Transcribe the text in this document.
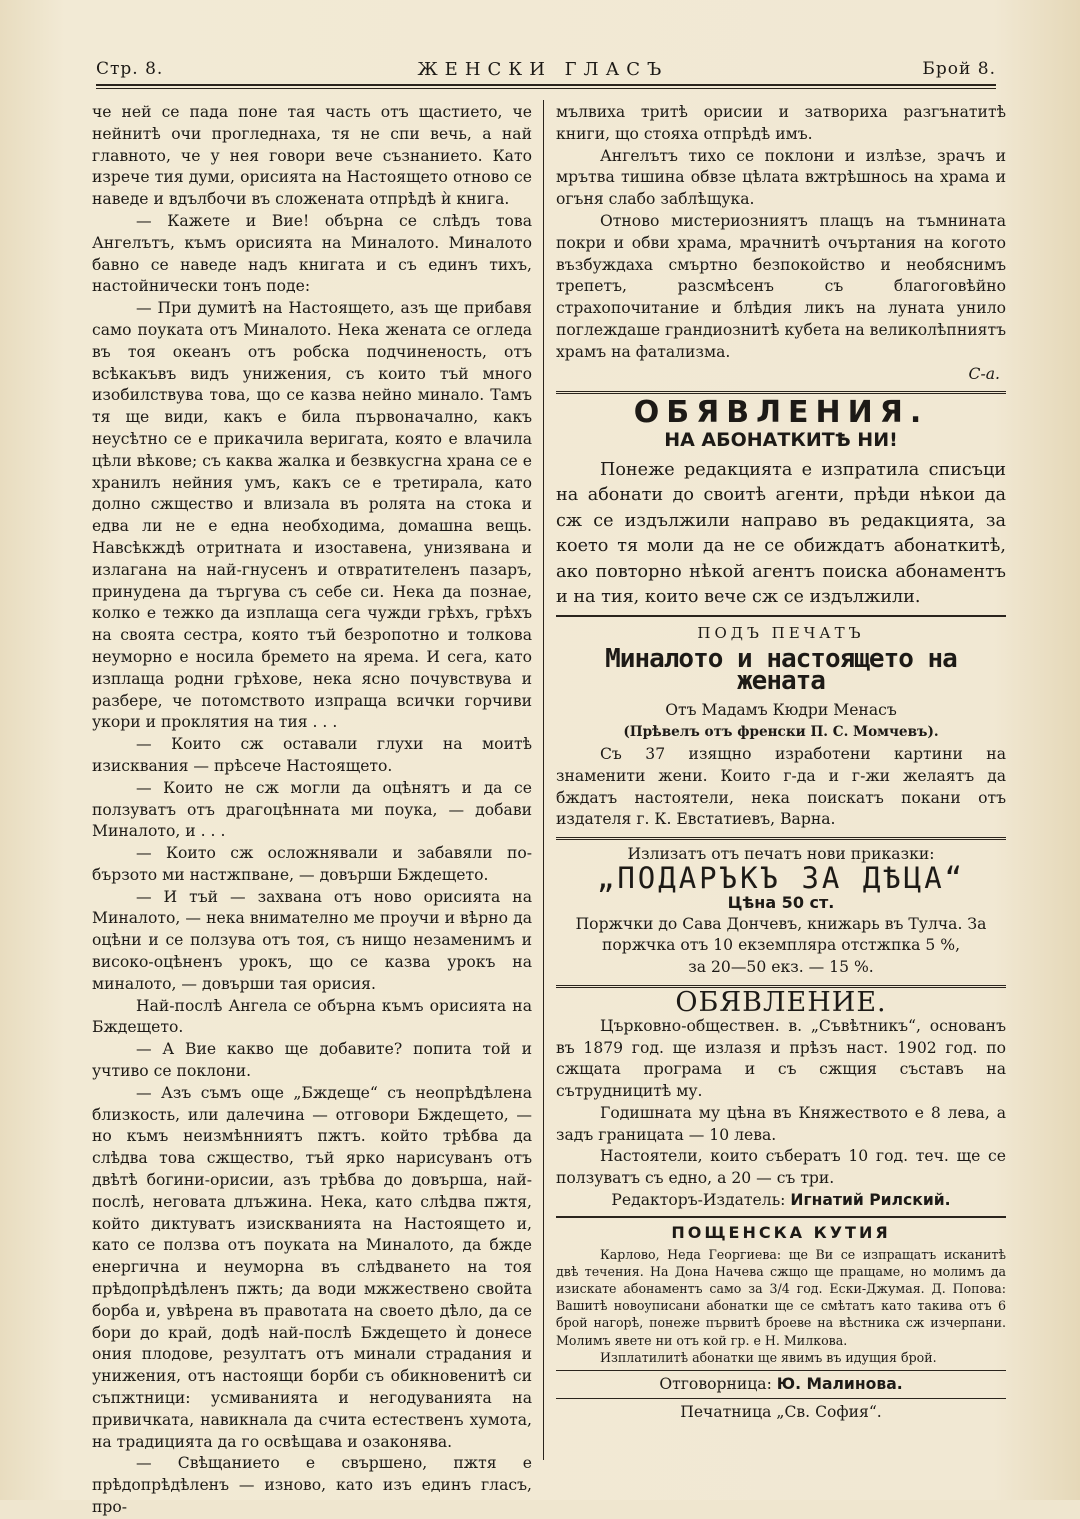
Стр. 8.	ЖЕНСКИ ГЛАСЪ	Брой 8.

че ней се пада поне тая часть отъ щастието, че нейнитѣ очи прогледнаха, тя не спи вечь, а най главното, че у нея говори вече съзнанието. Като изрече тия думи, орисията на Настоящето отново се наведе и вдълбочи въ сложената отпрѣдѣ ѝ книга.

— Кажете и Вие! обърна се слѣдъ това Ангелътъ, къмъ орисията на Миналото. Миналото бавно се наведе надъ книгата и съ единъ тихъ, настойнически тонъ поде:

— При думитѣ на Настоящето, азъ ще прибавя само поуката отъ Миналото. Нека жената се огледа въ тоя океанъ отъ робска подчиненость, отъ всѣкакъвъ видъ унижения, съ които тъй много изобилствува това, що се казва нейно минало. Тамъ тя ще види, какъ е била първоначално, какъ неусѣтно се е прикачила веригата, която е влачила цѣли вѣкове; съ каква жалка и безвкусгна храна се е хранилъ нейния умъ, какъ се е третирала, като долно сжщество и влизала въ ролята на стока и едва ли не е една необходима, домашна вещь. Навсѣкждѣ отритната и изоставена, унизявана и излагана на най-гнусенъ и отвратителенъ пазаръ, принудена да търгува съ себе си. Нека да познае, колко е тежко да изплаща сега чужди грѣхъ, грѣхъ на своята сестра, която тъй безропотно и толкова неуморно е носила бремето на ярема. И сега, като изплаща родни грѣхове, нека ясно почувствува и разбере, че потомството изпраща всички горчиви укори и проклятия на тия . . .

— Които сж оставали глухи на моитѣ изисквания — прѣсече Настоящето.

— Които не сж могли да оцѣнятъ и да се ползуватъ отъ драгоцѣнната ми поука, — добави Миналото, и . . .

— Които сж осложнявали и забавяли по-бързото ми настжпване, — довърши Бждещето.

— И тъй — захвана отъ ново орисията на Миналото, — нека внимателно ме проучи и вѣрно да оцѣни и се ползува отъ тоя, съ нищо незаменимъ и високо-оцѣненъ урокъ, що се казва урокъ на миналото, — довърши тая орисия.

Най-послѣ Ангела се обърна къмъ орисията на Бждещето.

— А Вие какво ще добавите? попита той и учтиво се поклони.

— Азъ съмъ още „Бждеще“ съ неопрѣдѣлена близкость, или далечина — отговори Бждещето, — но къмъ неизмѣнниятъ пжтъ. който трѣбва да слѣдва това сжщество, тъй ярко нарисуванъ отъ двѣтѣ богини-орисии, азъ трѣбва до довърша, най-послѣ, неговата длъжина. Нека, като слѣдва пжтя, който диктуватъ изискванията на Настоящето и, като се ползва отъ поуката на Миналото, да бжде енергична и неуморна въ слѣдването на тоя прѣдопрѣдѣленъ пжть; да води мжжествено свойта борба и, увѣрена въ правотата на своето дѣло, да се бори до край, додѣ най-послѣ Бждещето ѝ донесе ония плодове, резултатъ отъ минали страдания и унижения, отъ настоящи борби съ обикновенитѣ си съпжтници: усмиванията и негодуванията на привичката, навикнала да счита естественъ хумота, на традицията да го освѣщава и озаконява.

— Свѣщанието е свършено, пжтя е прѣдопрѣдѣленъ — изново, като изъ единъ гласъ, про-

мълвиха тритѣ орисии и затвориха разгънатитѣ книги, що стояха отпрѣдѣ имъ.

Ангелътъ тихо се поклони и излѣзе, зрачъ и мрътва тишина обвзе цѣлата вжтрѣшнось на храма и огъня слабо заблѣщука.

Отново мистериозниятъ плащъ на тъмнината покри и обви храма, мрачнитѣ очъртания на когото възбуждаха смъртно безпокойство и необяснимъ трепетъ, разсмѣсенъ съ благоговѣйно страхопочитание и блѣдия ликъ на луната унило поглеждаше грандиознитѣ кубета на великолѣпниятъ храмъ на фатализма.

С-а.

ОБЯВЛЕНИЯ.
НА АБОНАТКИТѢ НИ!

Понеже редакцията е изпратила списъци на абонати до своитѣ агенти, прѣди нѣкои да сж се издължили направо въ редакцията, за което тя моли да не се обиждатъ абонаткитѣ, ако повторно нѣкой агентъ поиска абонаментъ и на тия, които вече сж се издължили.

ПОДЪ ПЕЧАТЪ
Миналото и настоящето на жената
Отъ Мадамъ Кюдри Менасъ
(Прѣвелъ отъ френски П. С. Момчевъ).

Съ 37 изящно изработени картини на знаменити жени. Които г-да и г-жи желаятъ да бждатъ настоятели, нека поискатъ покани отъ издателя г. К. Евстатиевъ, Варна.

Излизатъ отъ печатъ нови приказки:
„ПОДАРЪКЪ ЗА ДѢЦА“
Цѣна 50 ст.

Поржчки до Сава Дончевъ, книжарь въ Тулча. За поржчка отъ 10 екземпляра отстжпка 5 %,

за 20—50 екз. — 15 %.

ОБЯВЛЕНИЕ.

Църковно-обществен. в. „Съвѣтникъ“, основанъ въ 1879 год. ще излазя и прѣзъ наст. 1902 год. по сжщата програма и съ сжщия съставъ на сътрудницитѣ му.

Годишната му цѣна въ Княжеството е 8 лева, а задъ границата — 10 лева.

Настоятели, които събератъ 10 год. теч. ще се ползуватъ съ едно, а 20 — съ три.

Редакторъ-Издатель: Игнатий Рилский.

ПОЩЕНСКА КУТИЯ

Карлово, Неда Георгиева: ще Ви се изпращатъ исканитѣ двѣ течения. На Дона Начева сжщо ще пращаме, но молимъ да изискате абонаментъ само за 3/4 год. Ески-Джумая. Д. Попова: Вашитѣ новоуписани абонатки ще се смѣтатъ като такива отъ 6 брой нагорѣ, понеже първитѣ броеве на вѣстника сж изчерпани. Молимъ явете ни отъ кой гр. е Н. Милкова.

Изплатилитѣ абонатки ще явимъ въ идущия брой.

Отговорница: Ю. Малинова.

Печатница „Св. София“.
